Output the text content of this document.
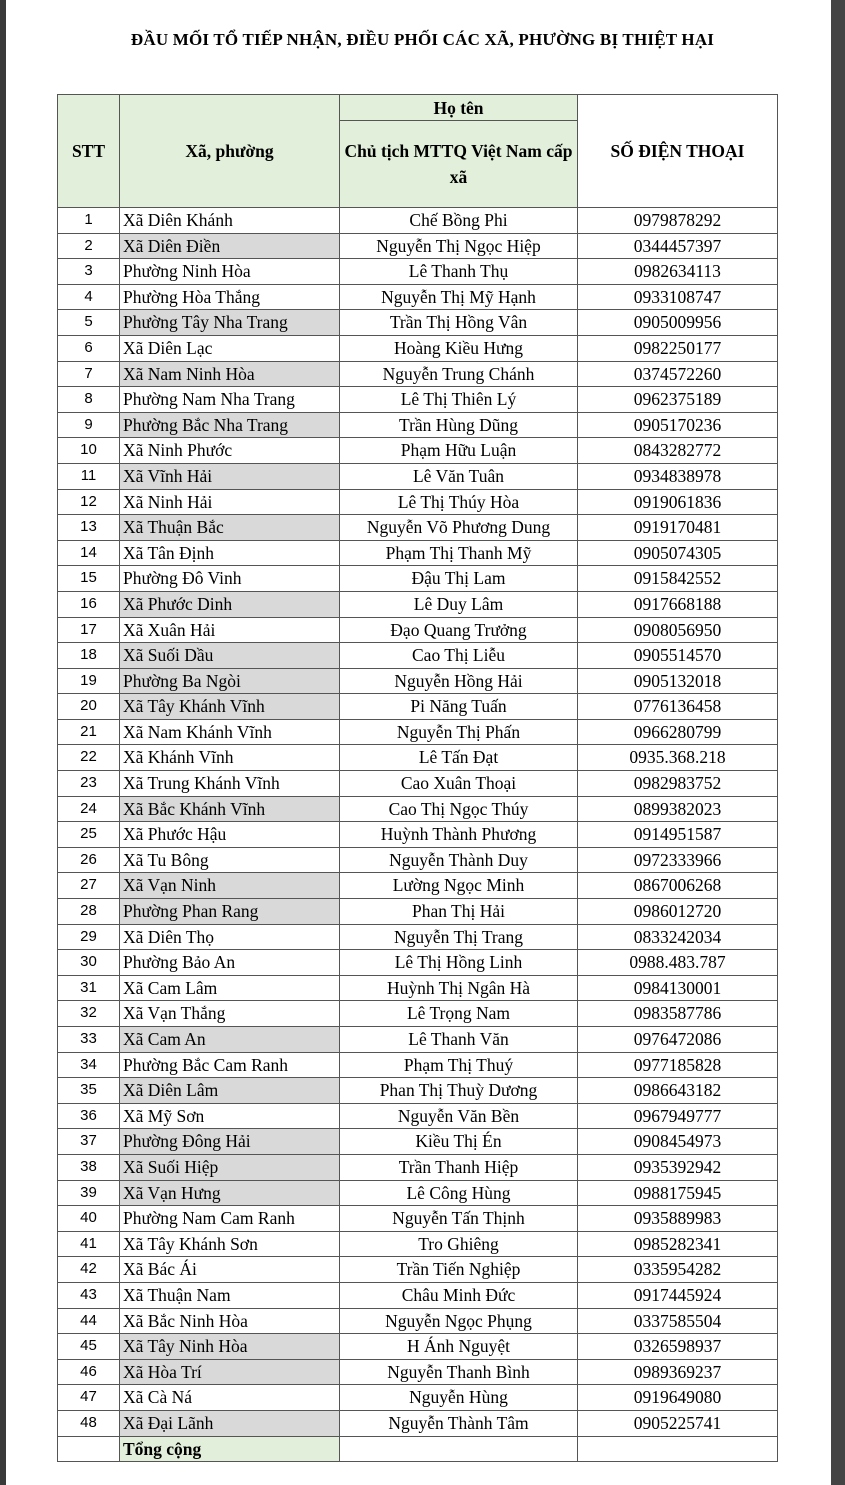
ĐẦU MỐI TỔ TIẾP NHẬN, ĐIỀU PHỐI CÁC XÃ, PHƯỜNG BỊ THIỆT HẠI
STT	Xã, phường	Họ tên	SỐ ĐIỆN THOẠI
		Chủ tịch MTTQ Việt Nam cấp xã	
1	Xã Diên Khánh	Chế Bồng Phi	0979878292
2	Xã Diên Điền	Nguyễn Thị Ngọc Hiệp	0344457397
3	Phường Ninh Hòa	Lê Thanh Thụ	0982634113
4	Phường Hòa Thắng	Nguyễn Thị Mỹ Hạnh	0933108747
5	Phường Tây Nha Trang	Trần Thị Hồng Vân	0905009956
6	Xã Diên Lạc	Hoàng Kiều Hưng	0982250177
7	Xã Nam Ninh Hòa	Nguyễn Trung Chánh	0374572260
8	Phường Nam Nha Trang	Lê Thị Thiên Lý	0962375189
9	Phường Bắc Nha Trang	Trần Hùng Dũng	0905170236
10	Xã Ninh Phước	Phạm Hữu Luận	0843282772
11	Xã Vĩnh Hải	Lê Văn Tuân	0934838978
12	Xã Ninh Hải	Lê Thị Thúy Hòa	0919061836
13	Xã Thuận Bắc	Nguyễn Võ Phương Dung	0919170481
14	Xã Tân Định	Phạm Thị Thanh Mỹ	0905074305
15	Phường Đô Vinh	Đậu Thị Lam	0915842552
16	Xã Phước Dinh	Lê Duy Lâm	0917668188
17	Xã Xuân Hải	Đạo Quang Trưởng	0908056950
18	Xã Suối Dầu	Cao Thị Liễu	0905514570
19	Phường Ba Ngòi	Nguyễn Hồng Hải	0905132018
20	Xã Tây Khánh Vĩnh	Pi Năng Tuấn	0776136458
21	Xã Nam Khánh Vĩnh	Nguyễn Thị Phấn	0966280799
22	Xã Khánh Vĩnh	Lê Tấn Đạt	0935.368.218
23	Xã Trung Khánh Vĩnh	Cao Xuân Thoại	0982983752
24	Xã Bắc Khánh Vĩnh	Cao Thị Ngọc Thúy	0899382023
25	Xã Phước Hậu	Huỳnh Thành Phương	0914951587
26	Xã Tu Bông	Nguyễn Thành Duy	0972333966
27	Xã Vạn Ninh	Lường Ngọc Minh	0867006268
28	Phường Phan Rang	Phan Thị Hải	0986012720
29	Xã Diên Thọ	Nguyễn Thị Trang	0833242034
30	Phường Bảo An	Lê Thị Hồng Linh	0988.483.787
31	Xã Cam Lâm	Huỳnh Thị Ngân Hà	0984130001
32	Xã Vạn Thắng	Lê Trọng Nam	0983587786
33	Xã Cam An	Lê Thanh Văn	0976472086
34	Phường Bắc Cam Ranh	Phạm Thị Thuý	0977185828
35	Xã Diên Lâm	Phan Thị Thuỳ Dương	0986643182
36	Xã Mỹ Sơn	Nguyễn Văn Bền	0967949777
37	Phường Đông Hải	Kiều Thị Én	0908454973
38	Xã Suối Hiệp	Trần Thanh Hiệp	0935392942
39	Xã Vạn Hưng	Lê Công Hùng	0988175945
40	Phường Nam Cam Ranh	Nguyễn Tấn Thịnh	0935889983
41	Xã Tây Khánh Sơn	Tro Ghiêng	0985282341
42	Xã Bác Ái	Trần Tiến Nghiệp	0335954282
43	Xã Thuận Nam	Châu Minh Đức	0917445924
44	Xã Bắc Ninh Hòa	Nguyễn Ngọc Phụng	0337585504
45	Xã Tây Ninh Hòa	H Ánh Nguyệt	0326598937
46	Xã Hòa Trí	Nguyễn Thanh Bình	0989369237
47	Xã Cà Ná	Nguyễn Hùng	0919649080
48	Xã Đại Lãnh	Nguyễn Thành Tâm	0905225741
	Tổng cộng		
